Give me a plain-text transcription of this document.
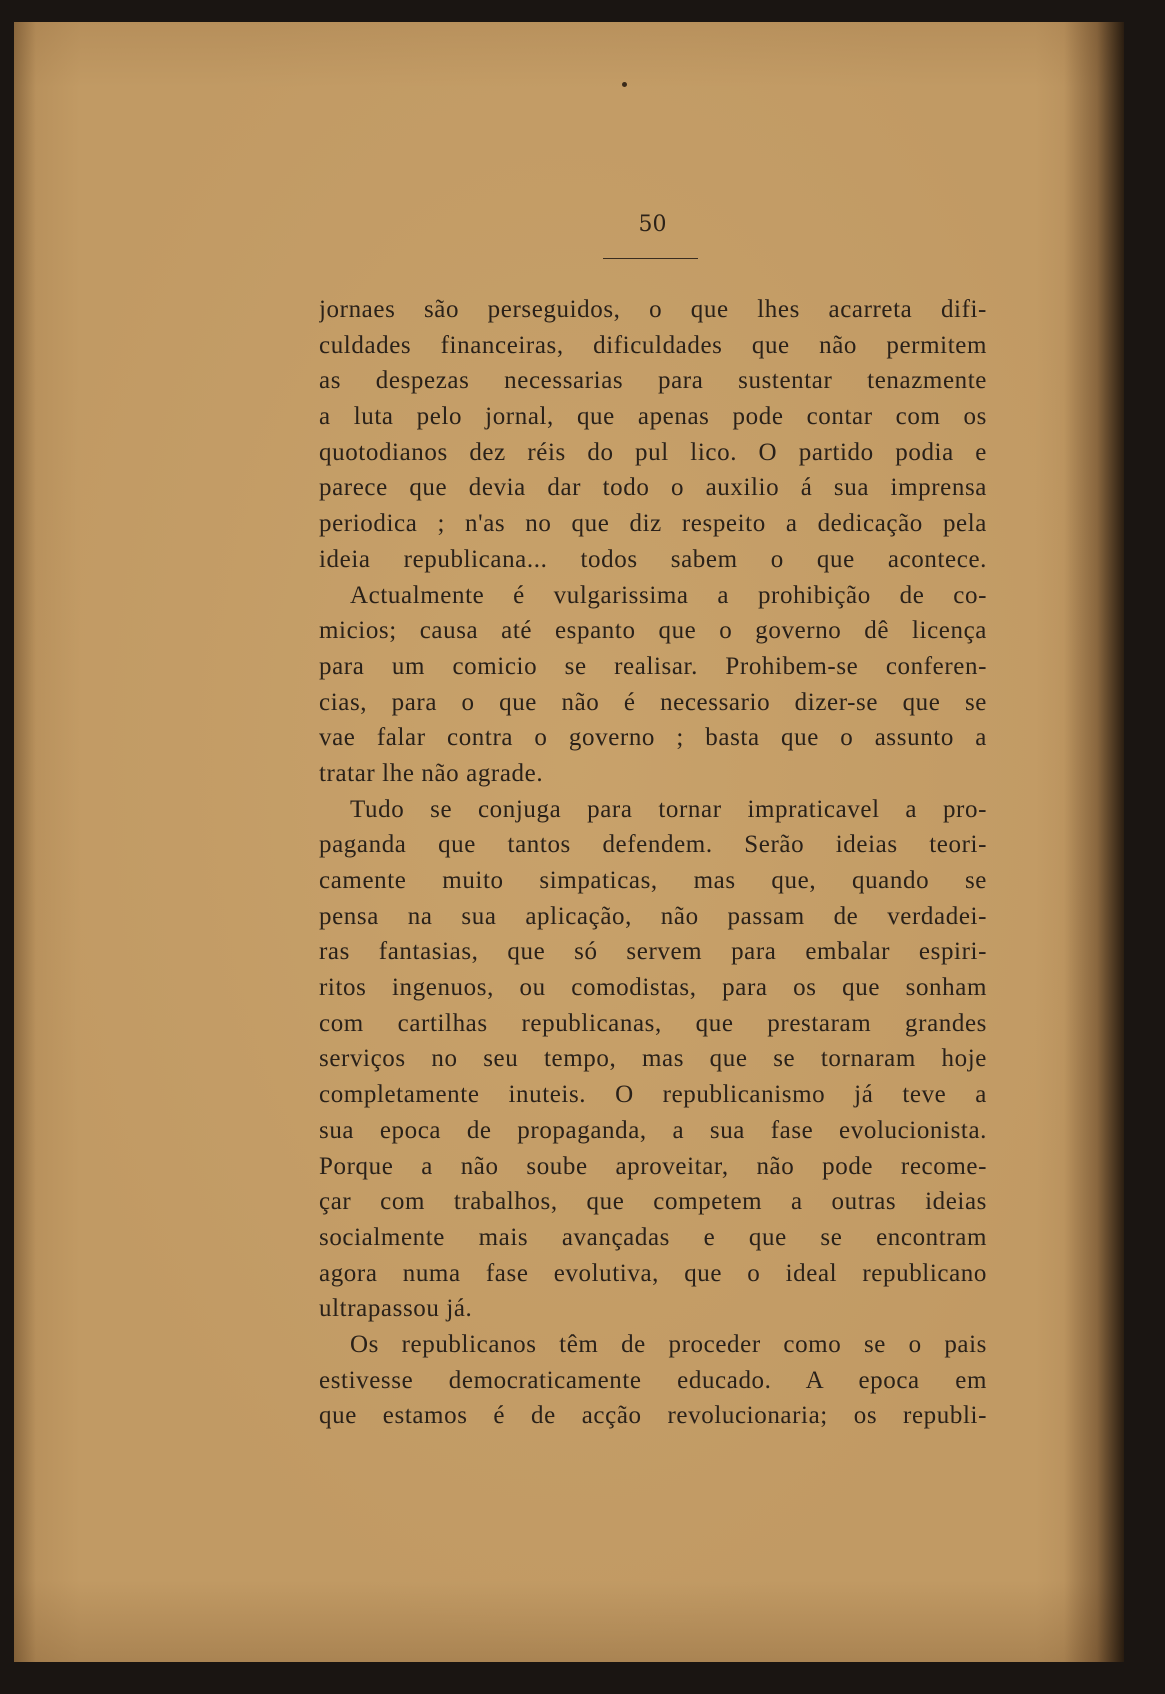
50
jornaes são perseguidos, o que lhes acarreta difi-
culdades financeiras, dificuldades que não permitem
as despezas necessarias para sustentar tenazmente
a luta pelo jornal, que apenas pode contar com os
quotodianos dez réis do pul lico. O partido podia e
parece que devia dar todo o auxilio á sua imprensa
periodica ; n'as no que diz respeito a dedicação pela
ideia republicana... todos sabem o que acontece.
Actualmente é vulgarissima a prohibição de co-
micios; causa até espanto que o governo dê licença
para um comicio se realisar. Prohibem-se conferen-
cias, para o que não é necessario dizer-se que se
vae falar contra o governo ; basta que o assunto a
tratar lhe não agrade.
Tudo se conjuga para tornar impraticavel a pro-
paganda que tantos defendem. Serão ideias teori-
camente muito simpaticas, mas que, quando se
pensa na sua aplicação, não passam de verdadei-
ras fantasias, que só servem para embalar espiri-
ritos ingenuos, ou comodistas, para os que sonham
com cartilhas republicanas, que prestaram grandes
serviços no seu tempo, mas que se tornaram hoje
completamente inuteis. O republicanismo já teve a
sua epoca de propaganda, a sua fase evolucionista.
Porque a não soube aproveitar, não pode recome-
çar com trabalhos, que competem a outras ideias
socialmente mais avançadas e que se encontram
agora numa fase evolutiva, que o ideal republicano
ultrapassou já.
Os republicanos têm de proceder como se o pais
estivesse democraticamente educado. A epoca em
que estamos é de acção revolucionaria; os republi-
